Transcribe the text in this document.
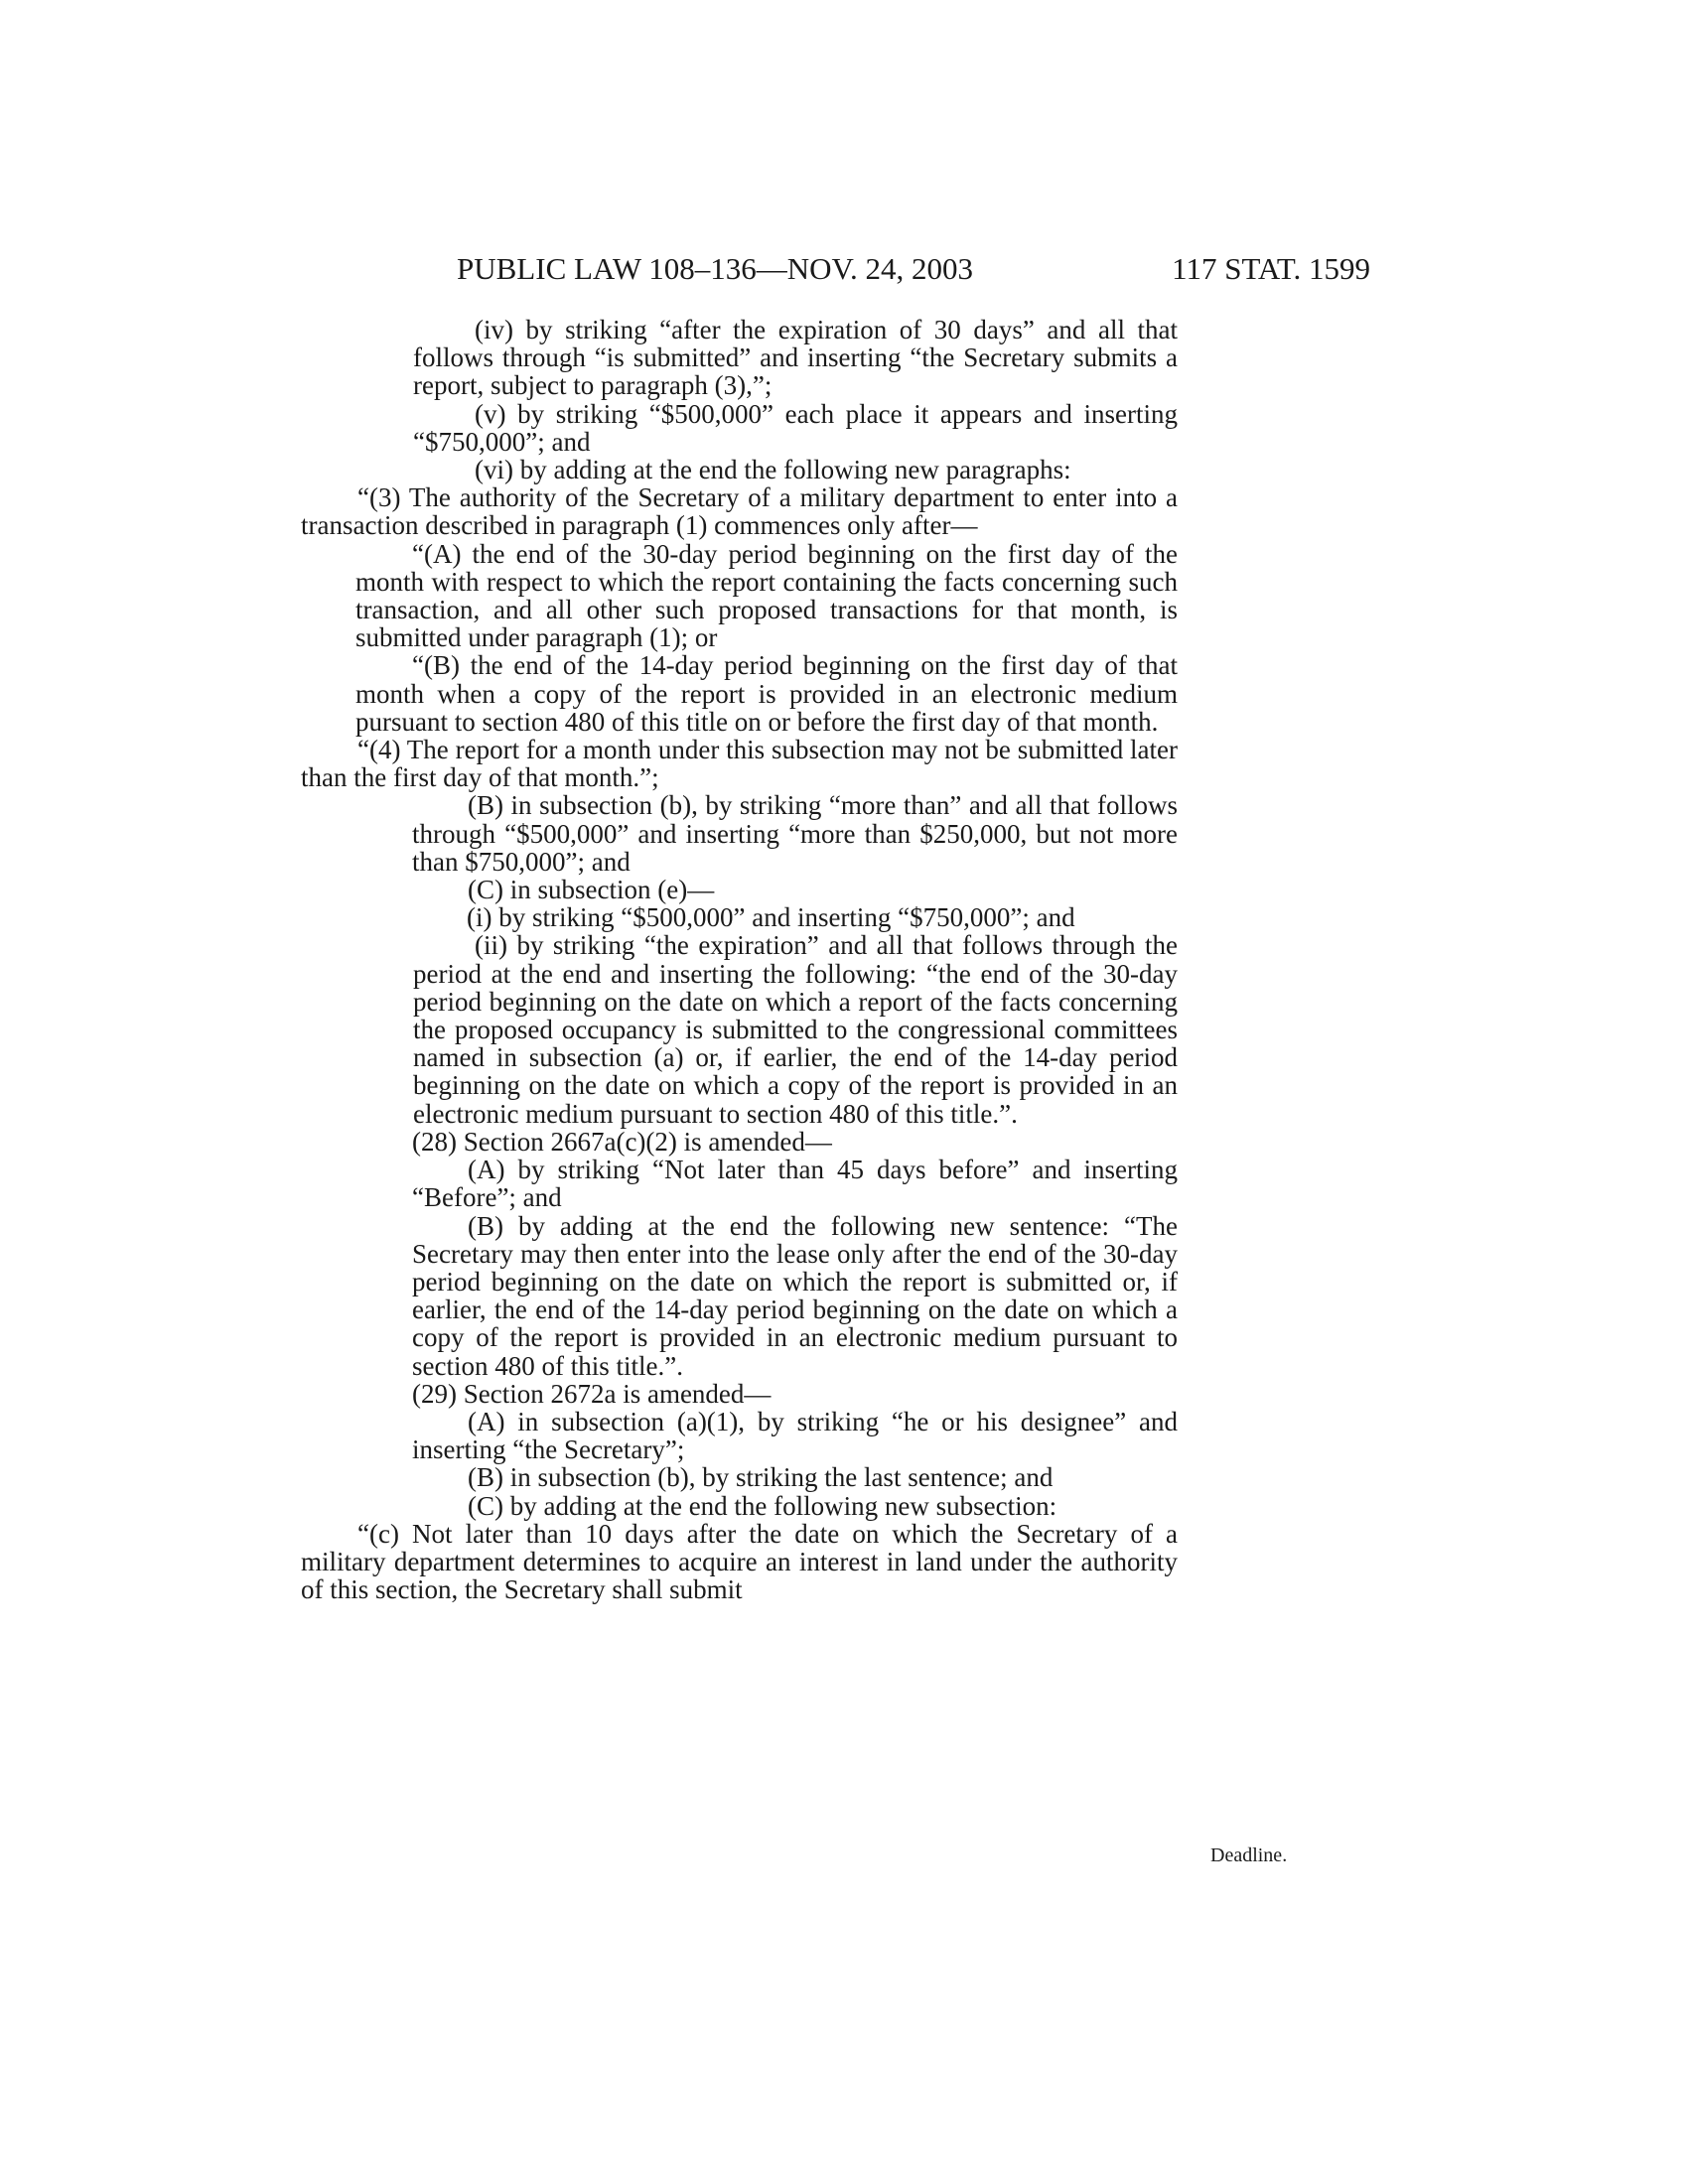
PUBLIC LAW 108–136—NOV. 24, 2003	117 STAT. 1599

(iv) by striking “after the expiration of 30 days” and all that follows through “is submitted” and inserting “the Secretary submits a report, subject to paragraph (3),”;

(v) by striking “$500,000” each place it appears and inserting “$750,000”; and

(vi) by adding at the end the following new paragraphs:

“(3) The authority of the Secretary of a military department to enter into a transaction described in paragraph (1) commences only after—

“(A) the end of the 30-day period beginning on the first day of the month with respect to which the report containing the facts concerning such transaction, and all other such proposed transactions for that month, is submitted under paragraph (1); or

“(B) the end of the 14-day period beginning on the first day of that month when a copy of the report is provided in an electronic medium pursuant to section 480 of this title on or before the first day of that month.

“(4) The report for a month under this subsection may not be submitted later than the first day of that month.”;

(B) in subsection (b), by striking “more than” and all that follows through “$500,000” and inserting “more than $250,000, but not more than $750,000”; and

(C) in subsection (e)—

(i) by striking “$500,000” and inserting “$750,000”; and

(ii) by striking “the expiration” and all that follows through the period at the end and inserting the following: “the end of the 30-day period beginning on the date on which a report of the facts concerning the proposed occupancy is submitted to the congressional committees named in subsection (a) or, if earlier, the end of the 14-day period beginning on the date on which a copy of the report is provided in an electronic medium pursuant to section 480 of this title.”.

(28) Section 2667a(c)(2) is amended—

(A) by striking “Not later than 45 days before” and inserting “Before”; and

(B) by adding at the end the following new sentence: “The Secretary may then enter into the lease only after the end of the 30-day period beginning on the date on which the report is submitted or, if earlier, the end of the 14-day period beginning on the date on which a copy of the report is provided in an electronic medium pursuant to section 480 of this title.”.

(29) Section 2672a is amended—

(A) in subsection (a)(1), by striking “he or his designee” and inserting “the Secretary”;

(B) in subsection (b), by striking the last sentence; and

(C) by adding at the end the following new subsection:

“(c) Not later than 10 days after the date on which the Secretary of a military department determines to acquire an interest in land under the authority of this section, the Secretary shall submit

Deadline.
